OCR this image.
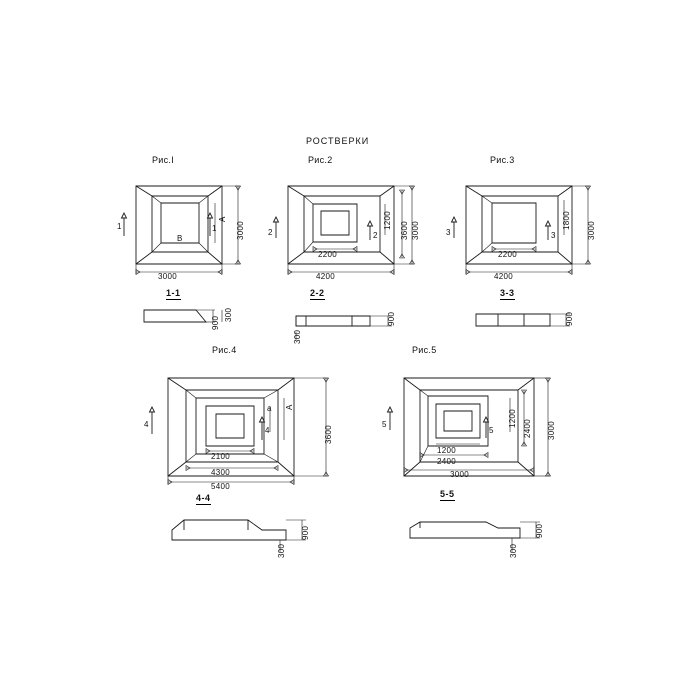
РОСТВЕРКИ
Рис.I	Рис.2	Рис.3
Рис.4	Рис.5
1-1	2-2	3-3
4-4	5-5
1	1	2	2	3	3
4
4
5
5
А
В
3000
3000
900
300
2200
4200
1200
3600 3000
300
900
2200
4200
1800
3000
900
а А
2100
4300
5400
3600
300
900
1200
2400
3000
1200
2400 3000
300
900
